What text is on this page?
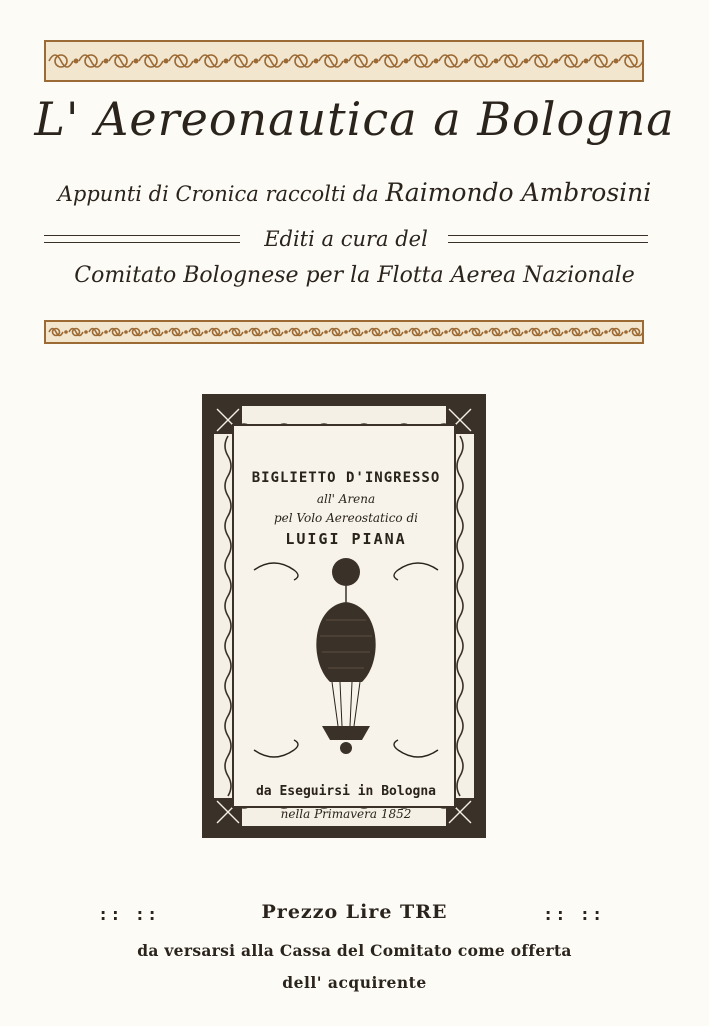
L' Aereonautica a Bologna
Appunti di Cronica raccolti da Raimondo Ambrosini
Editi a cura del
Comitato Bolognese per la Flotta Aerea Nazionale
BIGLIETTO D'INGRESSO
all' Arena
pel Volo Aereostatico di
LUIGI PIANA
da Eseguirsi in Bologna
nella Primavera 1852
:: ::	Prezzo Lire TRE	:: ::
da versarsi alla Cassa del Comitato come offerta
dell' acquirente
